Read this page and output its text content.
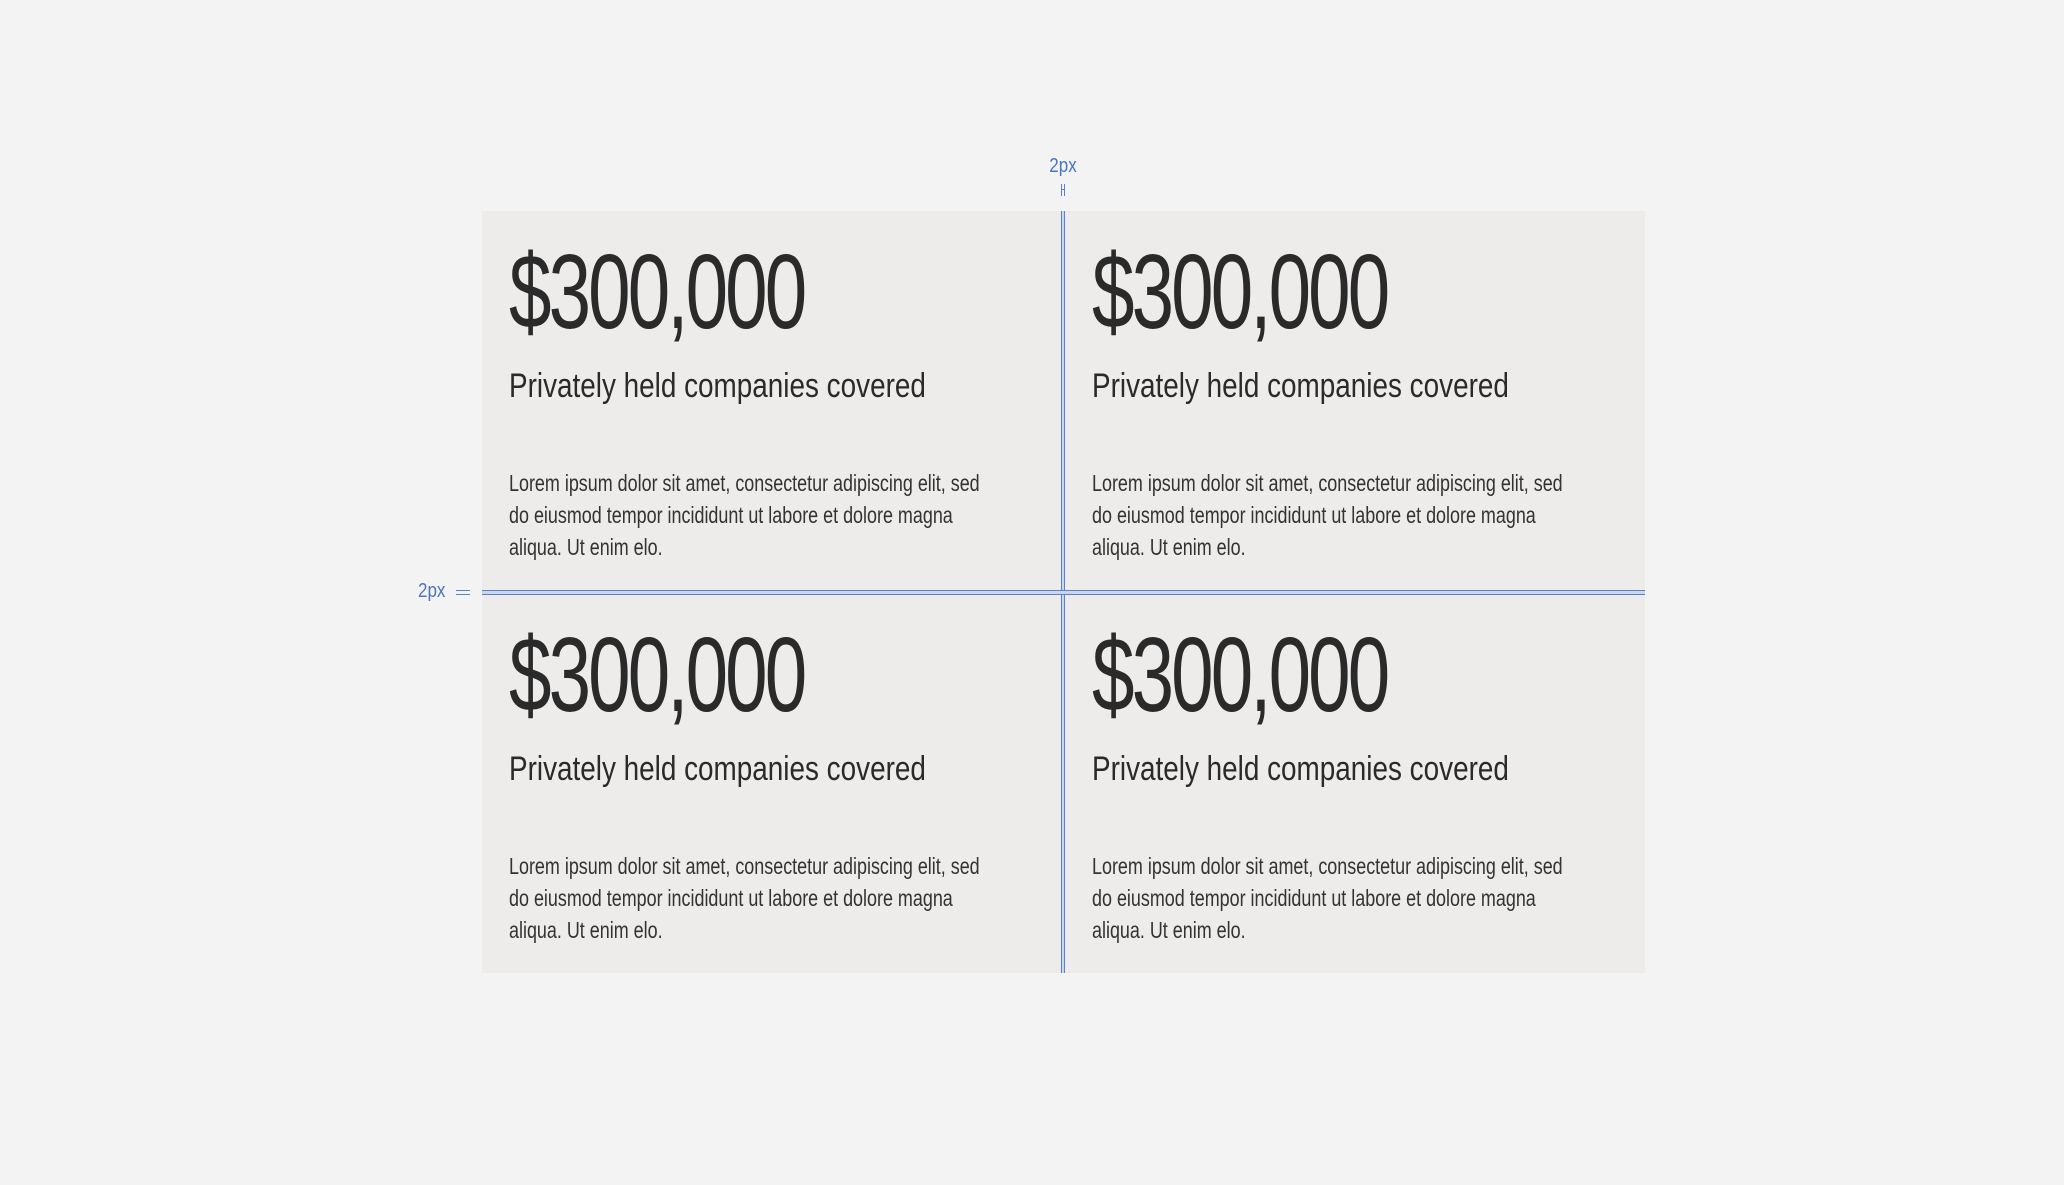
$300,000
Privately held companies covered
Lorem ipsum dolor sit amet, consectetur adipiscing elit, sed do eiusmod tempor incididunt ut labore et dolore magna aliqua. Ut enim elo.
$300,000
Privately held companies covered
Lorem ipsum dolor sit amet, consectetur adipiscing elit, sed do eiusmod tempor incididunt ut labore et dolore magna aliqua. Ut enim elo.
$300,000
Privately held companies covered
Lorem ipsum dolor sit amet, consectetur adipiscing elit, sed do eiusmod tempor incididunt ut labore et dolore magna aliqua. Ut enim elo.
$300,000
Privately held companies covered
Lorem ipsum dolor sit amet, consectetur adipiscing elit, sed do eiusmod tempor incididunt ut labore et dolore magna aliqua. Ut enim elo.
2px
2px
